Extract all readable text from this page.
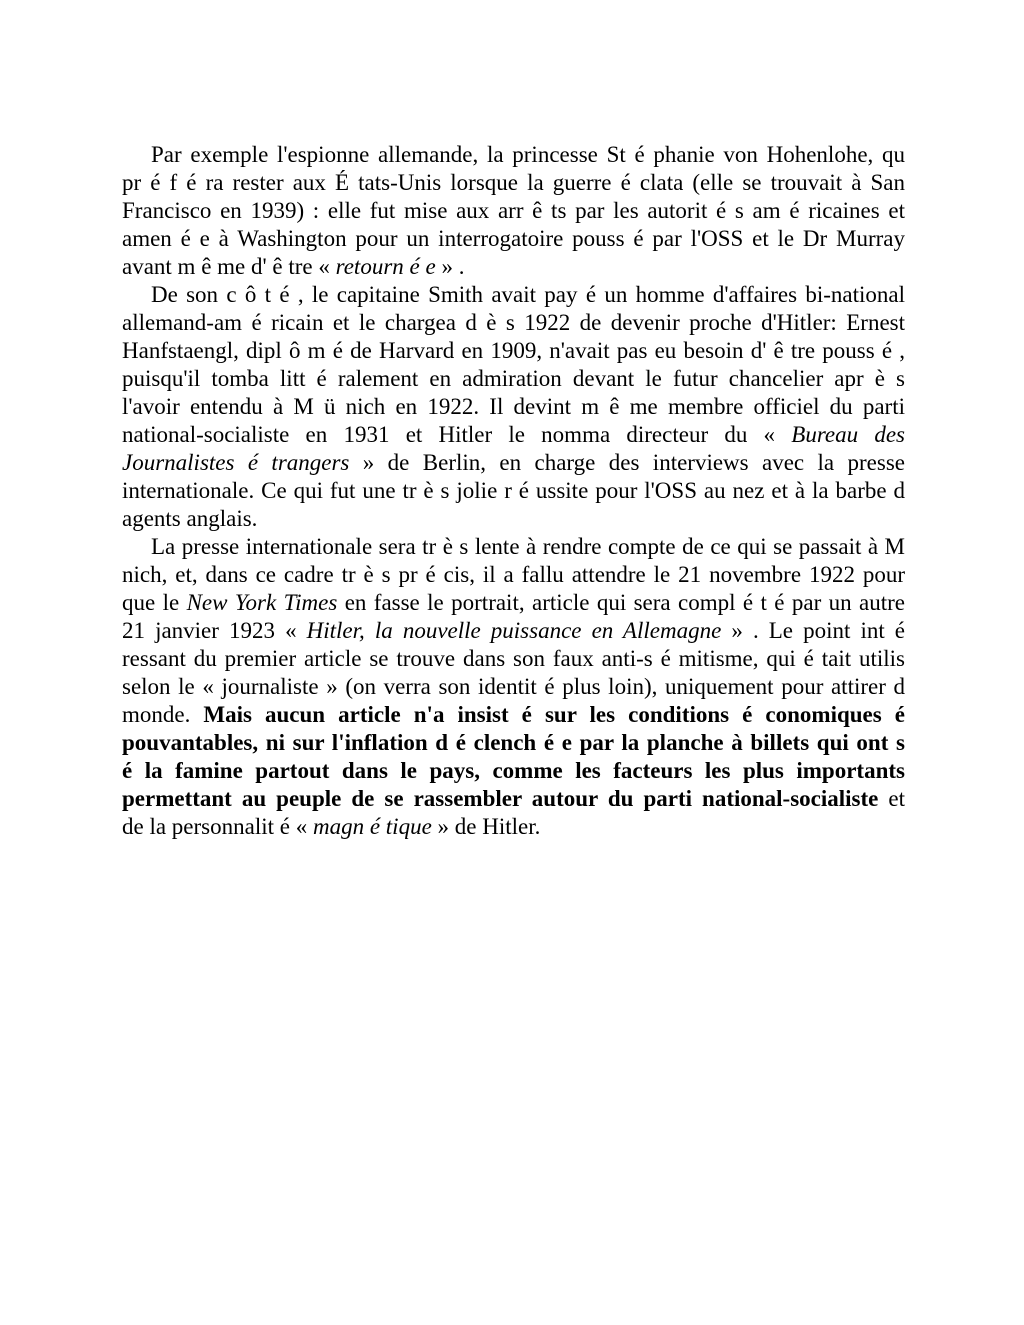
Par exemple l'espionne allemande, la princesse St é phanie von Hohenlohe, qu
pr é f é ra rester aux É tats-Unis lorsque la guerre é clata (elle se trouvait à San
Francisco en 1939) : elle fut mise aux arr ê ts par les autorit é s am é ricaines et
amen é e à Washington pour un interrogatoire pouss é par l'OSS et le Dr Murray
avant m ê me d' ê tre « retourn é e » .
De son c ô t é , le capitaine Smith avait pay é un homme d'affaires bi-national
allemand-am é ricain et le chargea d è s 1922 de devenir proche d'Hitler: Ernest
Hanfstaengl, dipl ô m é de Harvard en 1909, n'avait pas eu besoin d' ê tre pouss é ,
puisqu'il tomba litt é ralement en admiration devant le futur chancelier apr è s
l'avoir entendu à M ü nich en 1922. Il devint m ê me membre officiel du parti
national-socialiste en 1931 et Hitler le nomma directeur du « Bureau des
Journalistes é trangers » de Berlin, en charge des interviews avec la presse
internationale. Ce qui fut une tr è s jolie r é ussite pour l'OSS au nez et à la barbe d
agents anglais.
La presse internationale sera tr è s lente à rendre compte de ce qui se passait à M
nich, et, dans ce cadre tr è s pr é cis, il a fallu attendre le 21 novembre 1922 pour
que le New York Times en fasse le portrait, article qui sera compl é t é par un autre
21 janvier 1923 « Hitler, la nouvelle puissance en Allemagne » . Le point int é
ressant du premier article se trouve dans son faux anti-s é mitisme, qui é tait utilis
selon le « journaliste » (on verra son identit é plus loin), uniquement pour attirer d
monde. Mais aucun article n'a insist é sur les conditions é conomiques é
pouvantables, ni sur l'inflation d é clench é e par la planche à billets qui ont s
é la famine partout dans le pays, comme les facteurs les plus importants
permettant au peuple de se rassembler autour du parti national-socialiste et
de la personnalit é « magn é tique » de Hitler.
